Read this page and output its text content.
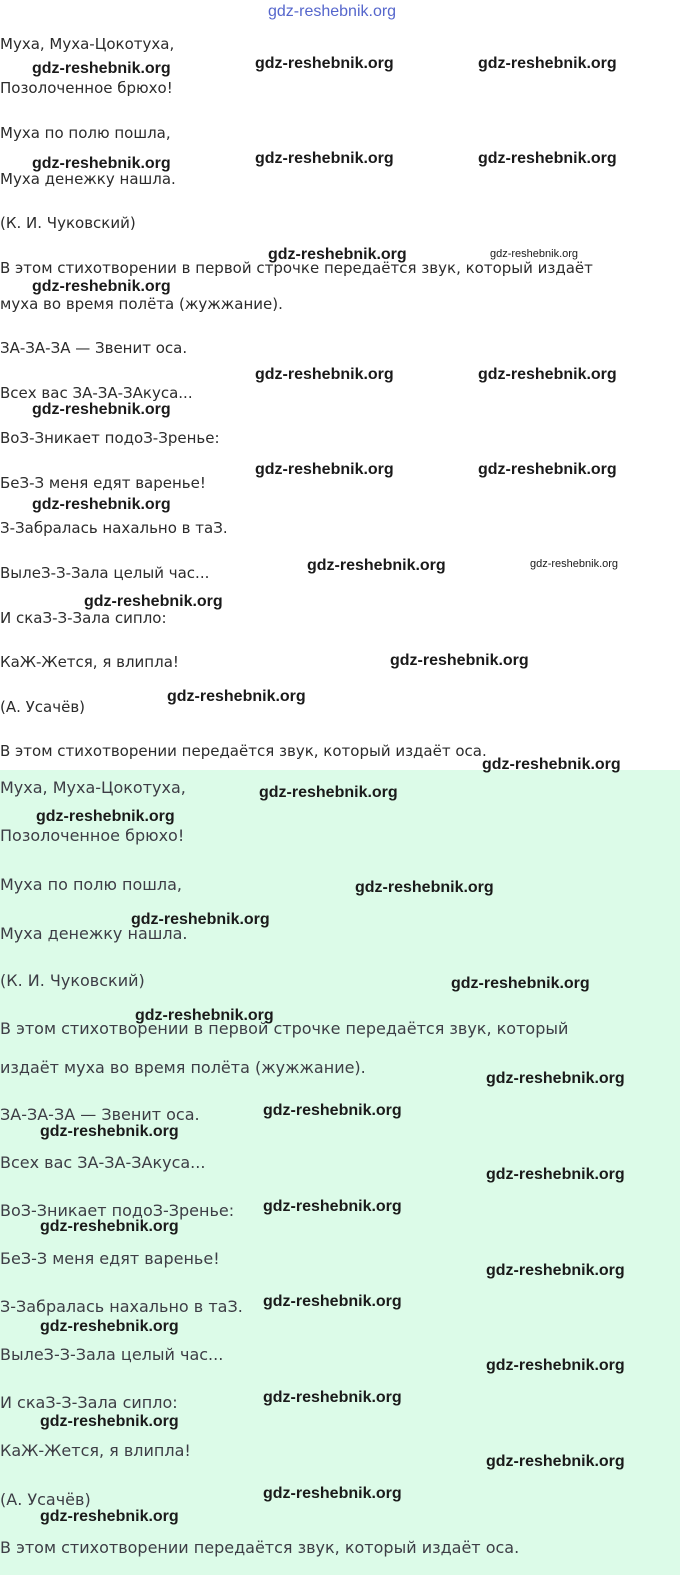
Муха, Муха-Цокотуха,
Позолоченное брюхо!
Муха по полю пошла,
Муха денежку нашла.
(К. И. Чуковский)
В этом стихотворении в первой строчке передаётся звук, который издаёт
муха во время полёта (жужжание).
ЗА-ЗА-ЗА — Звенит оса.
Всех вас ЗА-ЗА-ЗАкуса...
ВоЗ-Зникает подоЗ-Зренье:
БеЗ-З меня едят варенье!
З-Забралась нахально в таЗ.
ВылеЗ-З-Зала целый час...
И скаЗ-З-Зала сипло:
КаЖ-Жется, я влипла!
(А. Усачёв)
В этом стихотворении передаётся звук, который издаёт оса.
gdz-reshebnik.org
gdz-reshebnik.org	gdz-reshebnik.org	gdz-reshebnik.org
gdz-reshebnik.org	gdz-reshebnik.org	gdz-reshebnik.org
gdz-reshebnik.org	gdz-reshebnik.org
gdz-reshebnik.org
gdz-reshebnik.org	gdz-reshebnik.org
gdz-reshebnik.org
gdz-reshebnik.org	gdz-reshebnik.org
gdz-reshebnik.org
gdz-reshebnik.org	gdz-reshebnik.org
gdz-reshebnik.org
gdz-reshebnik.org
gdz-reshebnik.org
Муха, Муха-Цокотуха,
Позолоченное брюхо!
Муха по полю пошла,
Муха денежку нашла.
(К. И. Чуковский)
В этом стихотворении в первой строчке передаётся звук, который
издаёт муха во время полёта (жужжание).
ЗА-ЗА-ЗА — Звенит оса.
Всех вас ЗА-ЗА-ЗАкуса...
ВоЗ-Зникает подоЗ-Зренье:
БеЗ-З меня едят варенье!
З-Забралась нахально в таЗ.
ВылеЗ-З-Зала целый час...
И скаЗ-З-Зала сипло:
КаЖ-Жется, я влипла!
(А. Усачёв)
В этом стихотворении передаётся звук, который издаёт оса.
gdz-reshebnik.org
gdz-reshebnik.org
gdz-reshebnik.org
gdz-reshebnik.org
gdz-reshebnik.org
gdz-reshebnik.org
gdz-reshebnik.org
gdz-reshebnik.org
gdz-reshebnik.org
gdz-reshebnik.org
gdz-reshebnik.org
gdz-reshebnik.org
gdz-reshebnik.org
gdz-reshebnik.org
gdz-reshebnik.org
gdz-reshebnik.org
gdz-reshebnik.org
gdz-reshebnik.org
gdz-reshebnik.org
gdz-reshebnik.org
gdz-reshebnik.org
gdz-reshebnik.org
